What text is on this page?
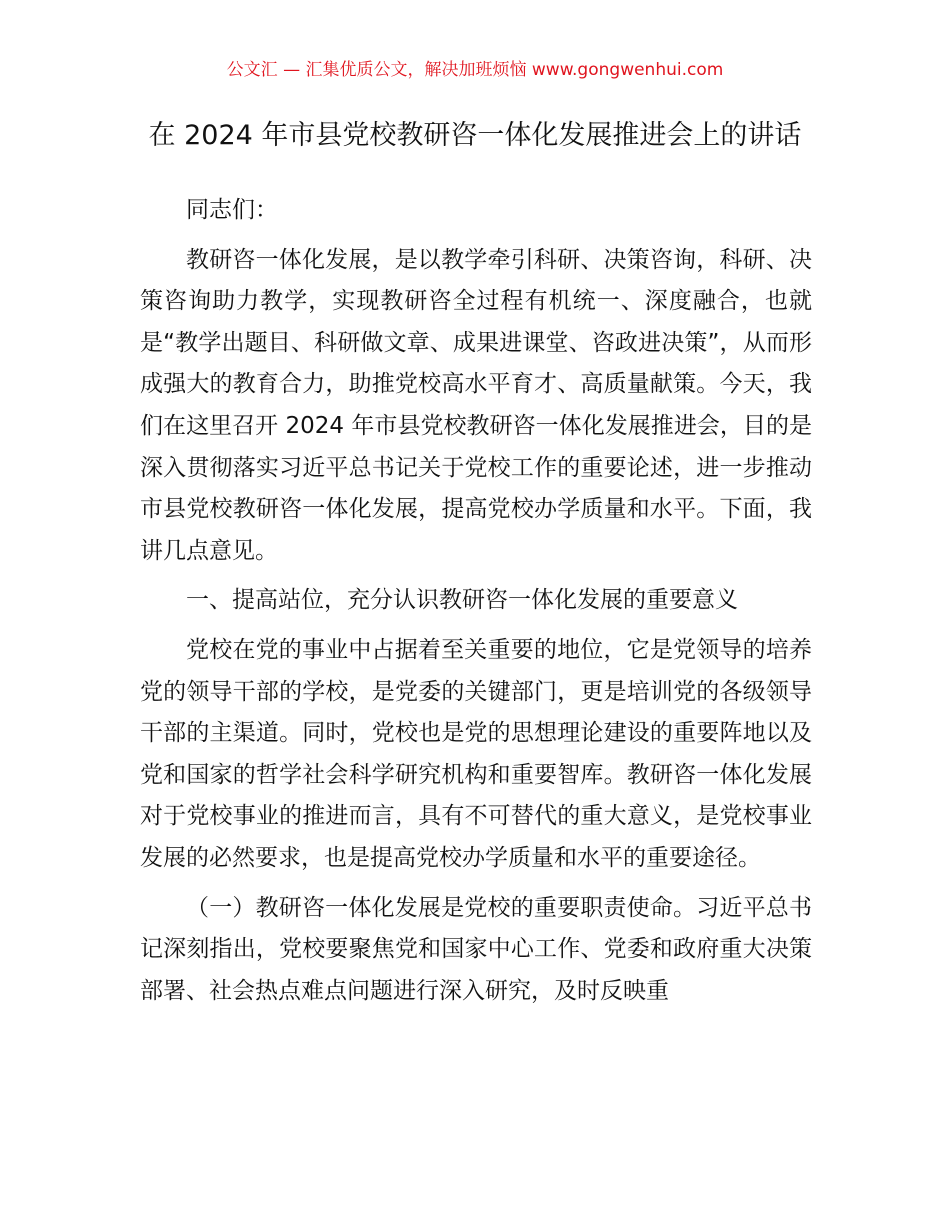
公文汇 — 汇集优质公文，解决加班烦恼 www.gongwenhui.com
在 2024 年市县党校教研咨一体化发展推进会上的讲话

同志们：

教研咨一体化发展，是以教学牵引科研、决策咨询，科研、决策咨询助力教学，实现教研咨全过程有机统一、深度融合，也就是“教学出题目、科研做文章、成果进课堂、咨政进决策”，从而形成强大的教育合力，助推党校高水平育才、高质量献策。今天，我们在这里召开 2024 年市县党校教研咨一体化发展推进会，目的是深入贯彻落实习近平总书记关于党校工作的重要论述，进一步推动市县党校教研咨一体化发展，提高党校办学质量和水平。下面，我讲几点意见。

一、提高站位，充分认识教研咨一体化发展的重要意义

党校在党的事业中占据着至关重要的地位，它是党领导的培养党的领导干部的学校，是党委的关键部门，更是培训党的各级领导干部的主渠道。同时，党校也是党的思想理论建设的重要阵地以及党和国家的哲学社会科学研究机构和重要智库。教研咨一体化发展对于党校事业的推进而言，具有不可替代的重大意义，是党校事业发展的必然要求，也是提高党校办学质量和水平的重要途径。

（一）教研咨一体化发展是党校的重要职责使命。习近平总书记深刻指出，党校要聚焦党和国家中心工作、党委和政府重大决策部署、社会热点难点问题进行深入研究，及时反映重
